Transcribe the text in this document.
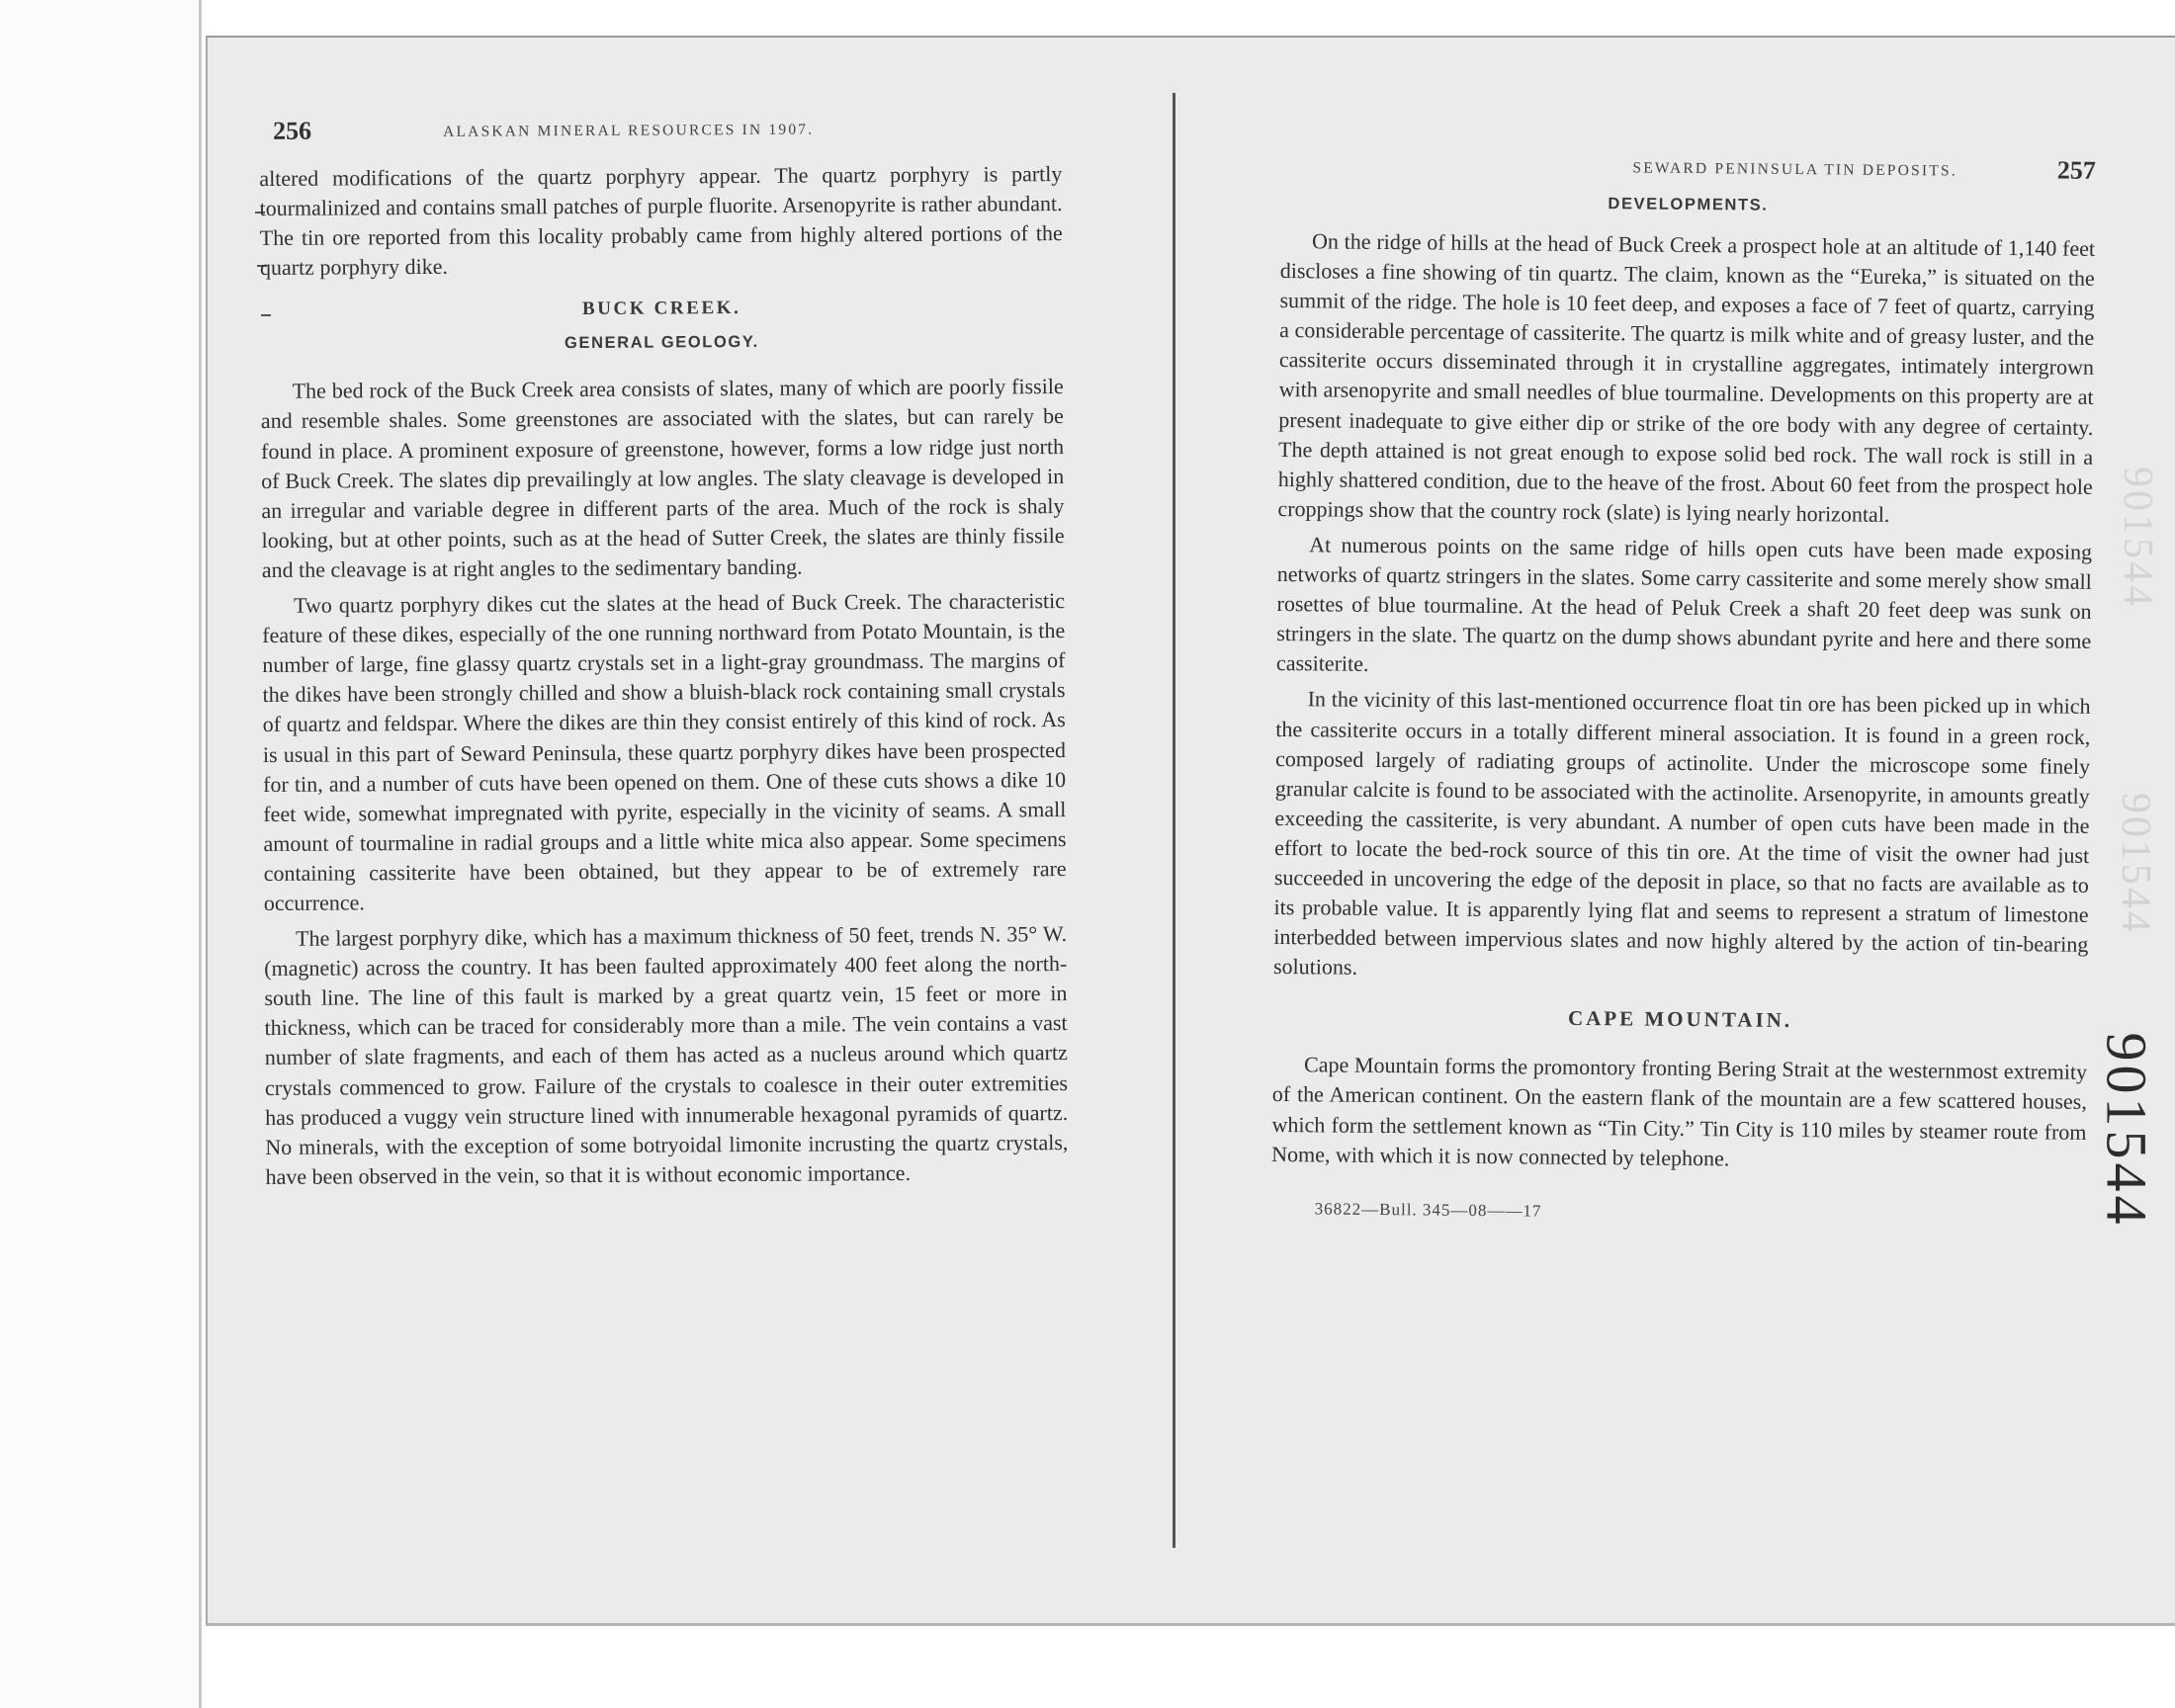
256	ALASKAN MINERAL RESOURCES IN 1907.

altered modifications of the quartz porphyry appear. The quartz porphyry is partly tourmalinized and contains small patches of purple fluorite. Arsenopyrite is rather abundant. The tin ore reported from this locality probably came from highly altered portions of the quartz porphyry dike.

BUCK CREEK.
GENERAL GEOLOGY.

The bed rock of the Buck Creek area consists of slates, many of which are poorly fissile and resemble shales. Some greenstones are associated with the slates, but can rarely be found in place. A prominent exposure of greenstone, however, forms a low ridge just north of Buck Creek. The slates dip prevailingly at low angles. The slaty cleavage is developed in an irregular and variable degree in different parts of the area. Much of the rock is shaly looking, but at other points, such as at the head of Sutter Creek, the slates are thinly fissile and the cleavage is at right angles to the sedimentary banding.

Two quartz porphyry dikes cut the slates at the head of Buck Creek. The characteristic feature of these dikes, especially of the one running northward from Potato Mountain, is the number of large, fine glassy quartz crystals set in a light-gray groundmass. The margins of the dikes have been strongly chilled and show a bluish-black rock containing small crystals of quartz and feldspar. Where the dikes are thin they consist entirely of this kind of rock. As is usual in this part of Seward Peninsula, these quartz porphyry dikes have been prospected for tin, and a number of cuts have been opened on them. One of these cuts shows a dike 10 feet wide, somewhat impregnated with pyrite, especially in the vicinity of seams. A small amount of tourmaline in radial groups and a little white mica also appear. Some specimens containing cassiterite have been obtained, but they appear to be of extremely rare occurrence.

The largest porphyry dike, which has a maximum thickness of 50 feet, trends N. 35° W. (magnetic) across the country. It has been faulted approximately 400 feet along the north-south line. The line of this fault is marked by a great quartz vein, 15 feet or more in thickness, which can be traced for considerably more than a mile. The vein contains a vast number of slate fragments, and each of them has acted as a nucleus around which quartz crystals commenced to grow. Failure of the crystals to coalesce in their outer extremities has produced a vuggy vein structure lined with innumerable hexagonal pyramids of quartz. No minerals, with the exception of some botryoidal limonite incrusting the quartz crystals, have been observed in the vein, so that it is without economic importance.

SEWARD PENINSULA TIN DEPOSITS.	257
DEVELOPMENTS.

On the ridge of hills at the head of Buck Creek a prospect hole at an altitude of 1,140 feet discloses a fine showing of tin quartz. The claim, known as the “Eureka,” is situated on the summit of the ridge. The hole is 10 feet deep, and exposes a face of 7 feet of quartz, carrying a considerable percentage of cassiterite. The quartz is milk white and of greasy luster, and the cassiterite occurs disseminated through it in crystalline aggregates, intimately intergrown with arsenopyrite and small needles of blue tourmaline. Developments on this property are at present inadequate to give either dip or strike of the ore body with any degree of certainty. The depth attained is not great enough to expose solid bed rock. The wall rock is still in a highly shattered condition, due to the heave of the frost. About 60 feet from the prospect hole croppings show that the country rock (slate) is lying nearly horizontal.

At numerous points on the same ridge of hills open cuts have been made exposing networks of quartz stringers in the slates. Some carry cassiterite and some merely show small rosettes of blue tourmaline. At the head of Peluk Creek a shaft 20 feet deep was sunk on stringers in the slate. The quartz on the dump shows abundant pyrite and here and there some cassiterite.

In the vicinity of this last-mentioned occurrence float tin ore has been picked up in which the cassiterite occurs in a totally different mineral association. It is found in a green rock, composed largely of radiating groups of actinolite. Under the microscope some finely granular calcite is found to be associated with the actinolite. Arsenopyrite, in amounts greatly exceeding the cassiterite, is very abundant. A number of open cuts have been made in the effort to locate the bed-rock source of this tin ore. At the time of visit the owner had just succeeded in uncovering the edge of the deposit in place, so that no facts are available as to its probable value. It is apparently lying flat and seems to represent a stratum of limestone interbedded between impervious slates and now highly altered by the action of tin-bearing solutions.

CAPE MOUNTAIN.

Cape Mountain forms the promontory fronting Bering Strait at the westernmost extremity of the American continent. On the eastern flank of the mountain are a few scattered houses, which form the settlement known as “Tin City.” Tin City is 110 miles by steamer route from Nome, with which it is now connected by telephone.

36822—Bull. 345—08——17	901544
901544
901544
